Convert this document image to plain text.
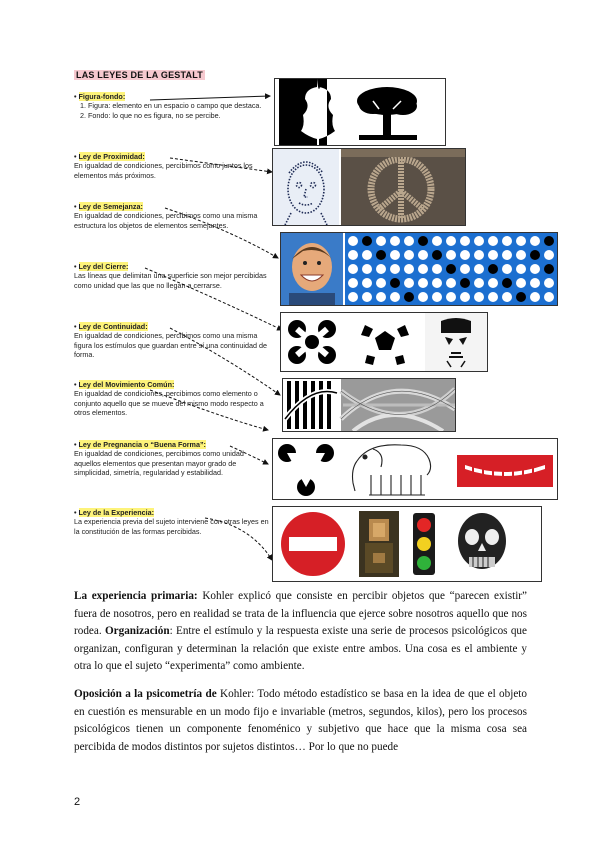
LAS LEYES DE LA GESTALT
• Figura-fondo:
1. Figura: elemento en un espacio o campo que destaca.
2. Fondo: lo que no es figura, no se percibe.
• Ley de Proximidad:
En igualdad de condiciones, percibimos como juntos los elementos más próximos.
• Ley de Semejanza:
En igualdad de condiciones, percibimos como una misma estructura los objetos de elementos semejantes.
• Ley del Cierre:
Las líneas que delimitan una superficie son mejor percibidas como unidad que las que no llegan a cerrarse.
• Ley de Continuidad:
En igualdad de condiciones, percibimos como una misma figura los estímulos que guardan entre sí una continuidad de forma.
• Ley del Movimiento Común:
En igualdad de condiciones, percibimos como elemento o conjunto aquello que se mueve del mismo modo respecto a otros elementos.
• Ley de Pregnancia o “Buena Forma”:
En igualdad de condiciones, percibimos como unidad aquellos elementos que presentan mayor grado de simplicidad, simetría, regularidad y estabilidad.
• Ley de la Experiencia:
La experiencia previa del sujeto interviene con otras leyes en la constitución de las formas percibidas.
La experiencia primaria: Kohler explicó que consiste en percibir objetos que “parecen existir” fuera de nosotros, pero en realidad se trata de la influencia que ejerce sobre nosotros aquello que nos rodea. Organización: Entre el estímulo y la respuesta existe una serie de procesos psicológicos que organizan, configuran y determinan la relación que existe entre ambos. Una cosa es el ambiente y otra lo que el sujeto “experimenta” como ambiente.
Oposición a la psicometría de Kohler: Todo método estadístico se basa en la idea de que el objeto en cuestión es mensurable en un modo fijo e invariable (metros, segundos, kilos), pero los procesos psicológicos tienen un componente fenoménico y subjetivo que hace que la misma cosa sea percibida de modos distintos por sujetos distintos… Por lo que no puede
2
